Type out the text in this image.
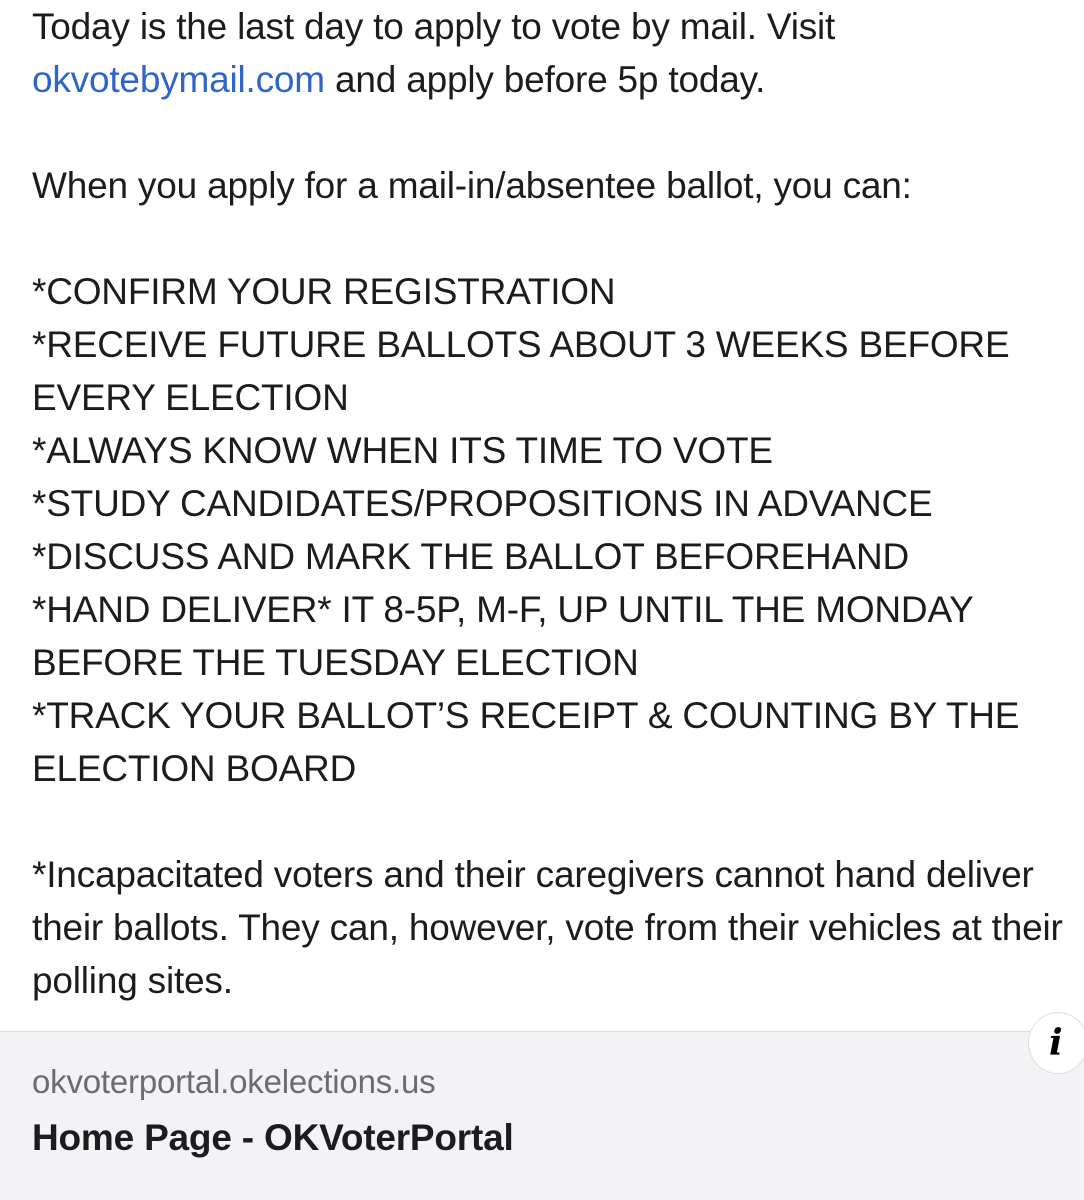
Today is the last day to apply to vote by mail. Visit
okvotebymail.com and apply before 5p today.

When you apply for a mail-in/absentee ballot, you can:

*CONFIRM YOUR REGISTRATION
*RECEIVE FUTURE BALLOTS ABOUT 3 WEEKS BEFORE EVERY ELECTION
*ALWAYS KNOW WHEN ITS TIME TO VOTE
*STUDY CANDIDATES/PROPOSITIONS IN ADVANCE
*DISCUSS AND MARK THE BALLOT BEFOREHAND
*HAND DELIVER* IT 8-5P, M-F, UP UNTIL THE MONDAY BEFORE THE TUESDAY ELECTION
*TRACK YOUR BALLOT’S RECEIPT & COUNTING BY THE ELECTION BOARD

*Incapacitated voters and their caregivers cannot hand deliver their ballots. They can, however, vote from their vehicles at their polling sites.

okvoterportal.okelections.us
Home Page - OKVoterPortal
i
